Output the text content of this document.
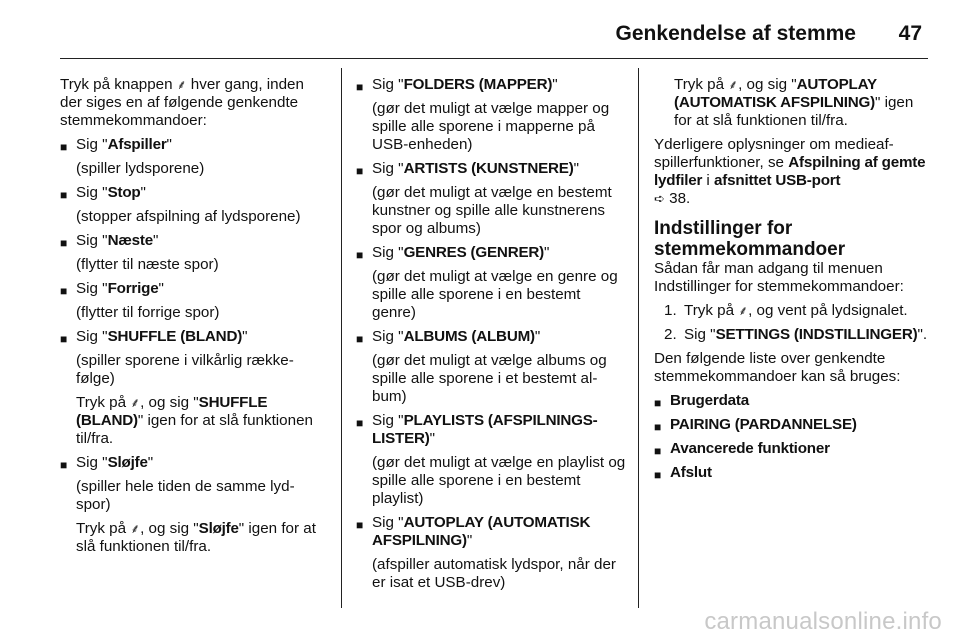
Genkendelse af stemme 47
Tryk på knappen ⸙ hver gang, inden der siges en af følgende genkendte stemmekommandoer:
■ Sig "Afspiller"
(spiller lydsporene)
■ Sig "Stop"
(stopper afspilning af lydsporene)
■ Sig "Næste"
(flytter til næste spor)
■ Sig "Forrige"
(flytter til forrige spor)
■ Sig "SHUFFLE (BLAND)"
(spiller sporene i vilkårlig række-følge)
Tryk på ⸙, og sig "SHUFFLE (BLAND)" igen for at slå funktionen til/fra.
■ Sig "Sløjfe"
(spiller hele tiden de samme lyd-spor)
Tryk på ⸙, og sig "Sløjfe" igen for at slå funktionen til/fra.
■ Sig "FOLDERS (MAPPER)"
(gør det muligt at vælge mapper og spille alle sporene i mapperne på USB-enheden)
■ Sig "ARTISTS (KUNSTNERE)"
(gør det muligt at vælge en bestemt kunstner og spille alle kunstnerens spor og albums)
■ Sig "GENRES (GENRER)"
(gør det muligt at vælge en genre og spille alle sporene i en bestemt genre)
■ Sig "ALBUMS (ALBUM)"
(gør det muligt at vælge albums og spille alle sporene i et bestemt al-bum)
■ Sig "PLAYLISTS (AFSPILNINGS-LISTER)"
(gør det muligt at vælge en playlist og spille alle sporene i en bestemt playlist)
■ Sig "AUTOPLAY (AUTOMATISK AFSPILNING)"
(afspiller automatisk lydspor, når der er isat et USB-drev)
Tryk på ⸙, og sig "AUTOPLAY (AUTOMATISK AFSPILNING)" igen for at slå funktionen til/fra.
Yderligere oplysninger om medieaf-spillerfunktioner, se Afspilning af gemte lydfiler i afsnittet USB-port
➪ 38.
Indstillinger for stemmekommandoer
Sådan får man adgang til menuen Indstillinger for stemmekommandoer:
1. Tryk på ⸙, og vent på lydsignalet.
2. Sig "SETTINGS (INDSTILLINGER)".
Den følgende liste over genkendte stemmekommandoer kan så bruges:
■ Brugerdata
■ PAIRING (PARDANNELSE)
■ Avancerede funktioner
■ Afslut
carmanualsonline.info
